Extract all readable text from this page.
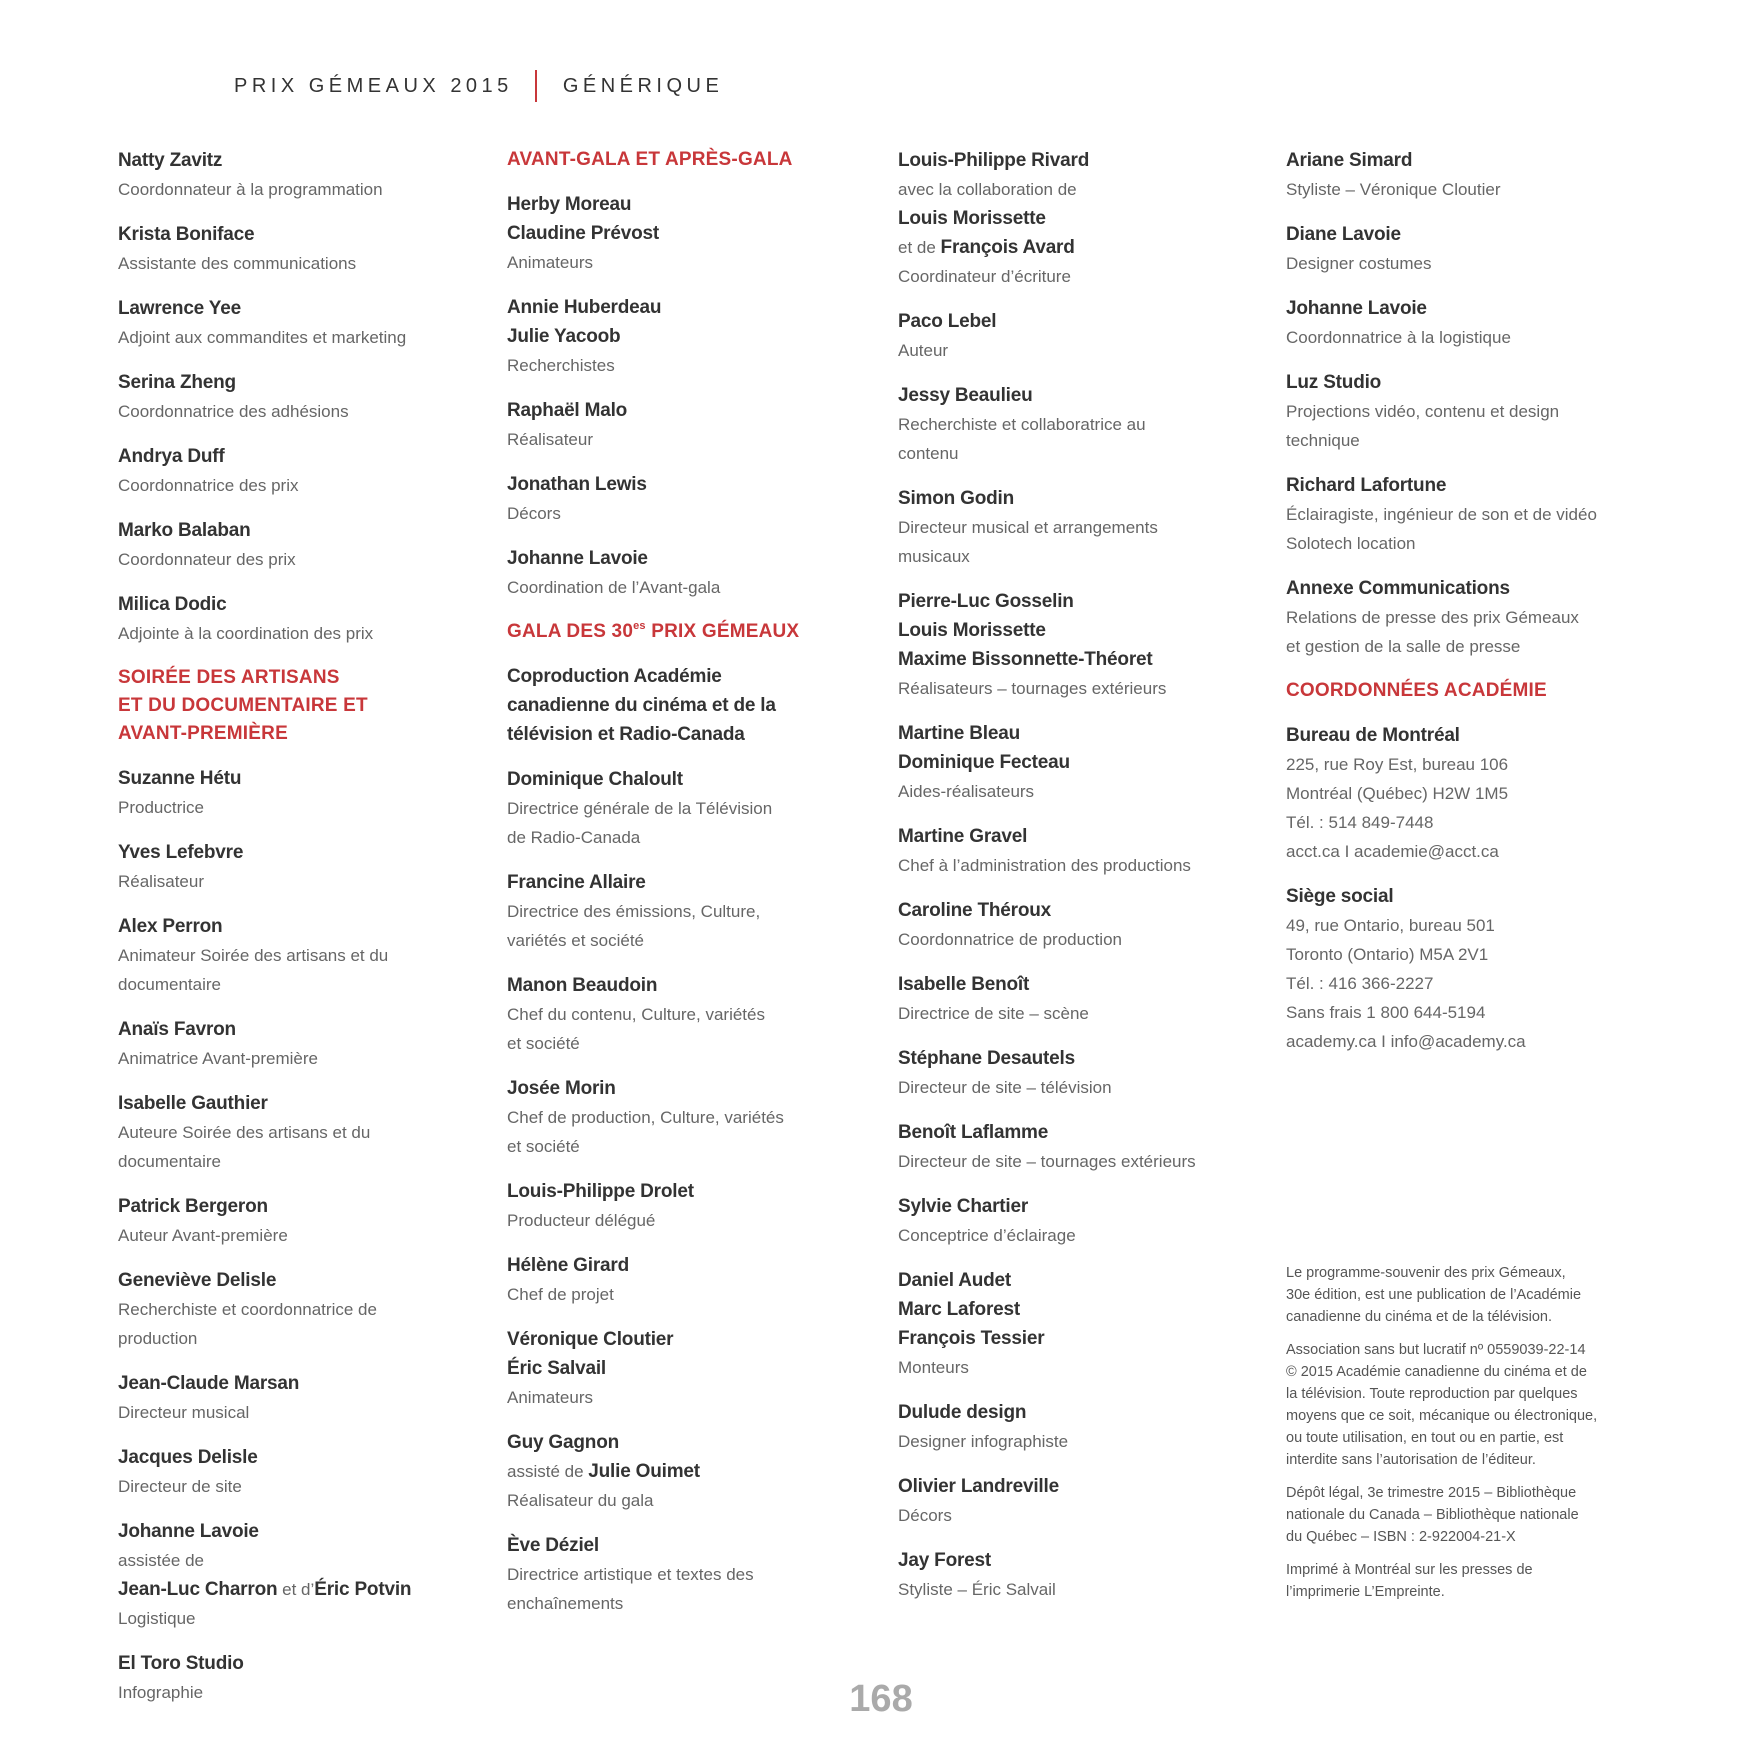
PRIX GÉMEAUX 2015	GÉNÉRIQUE
Natty Zavitz
Coordonnateur à la programmation
Krista Boniface
Assistante des communications
Lawrence Yee
Adjoint aux commandites et marketing
Serina Zheng
Coordonnatrice des adhésions
Andrya Duff
Coordonnatrice des prix
Marko Balaban
Coordonnateur des prix
Milica Dodic
Adjointe à la coordination des prix
SOIRÉE DES ARTISANS
ET DU DOCUMENTAIRE ET
AVANT-PREMIÈRE
Suzanne Hétu
Productrice
Yves Lefebvre
Réalisateur
Alex Perron
Animateur Soirée des artisans et du
documentaire
Anaïs Favron
Animatrice Avant-première
Isabelle Gauthier
Auteure Soirée des artisans et du
documentaire
Patrick Bergeron
Auteur Avant-première
Geneviève Delisle
Recherchiste et coordonnatrice de
production
Jean-Claude Marsan
Directeur musical
Jacques Delisle
Directeur de site
Johanne Lavoie
assistée de
Jean-Luc Charron et d’Éric Potvin
Logistique
El Toro Studio
Infographie
AVANT-GALA ET APRÈS-GALA
Herby Moreau
Claudine Prévost
Animateurs
Annie Huberdeau
Julie Yacoob
Recherchistes
Raphaël Malo
Réalisateur
Jonathan Lewis
Décors
Johanne Lavoie
Coordination de l’Avant-gala
GALA DES $30^{es}$ PRIX GÉMEAUX
Coproduction Académie
canadienne du cinéma et de la
télévision et Radio-Canada
Dominique Chaloult
Directrice générale de la Télévision
de Radio-Canada
Francine Allaire
Directrice des émissions, Culture,
variétés et société
Manon Beaudoin
Chef du contenu, Culture, variétés
et société
Josée Morin
Chef de production, Culture, variétés
et société
Louis-Philippe Drolet
Producteur délégué
Hélène Girard
Chef de projet
Véronique Cloutier
Éric Salvail
Animateurs
Guy Gagnon
assisté de Julie Ouimet
Réalisateur du gala
Ève Déziel
Directrice artistique et textes des
enchaînements
Louis-Philippe Rivard
avec la collaboration de
Louis Morissette
et de François Avard
Coordinateur d’écriture
Paco Lebel
Auteur
Jessy Beaulieu
Recherchiste et collaboratrice au
contenu
Simon Godin
Directeur musical et arrangements
musicaux
Pierre-Luc Gosselin
Louis Morissette
Maxime Bissonnette-Théoret
Réalisateurs – tournages extérieurs
Martine Bleau
Dominique Fecteau
Aides-réalisateurs
Martine Gravel
Chef à l’administration des productions
Caroline Théroux
Coordonnatrice de production
Isabelle Benoît
Directrice de site – scène
Stéphane Desautels
Directeur de site – télévision
Benoît Laflamme
Directeur de site – tournages extérieurs
Sylvie Chartier
Conceptrice d’éclairage
Daniel Audet
Marc Laforest
François Tessier
Monteurs
Dulude design
Designer infographiste
Olivier Landreville
Décors
Jay Forest
Styliste – Éric Salvail
Ariane Simard
Styliste – Véronique Cloutier
Diane Lavoie
Designer costumes
Johanne Lavoie
Coordonnatrice à la logistique
Luz Studio
Projections vidéo, contenu et design
technique
Richard Lafortune
Éclairagiste, ingénieur de son et de vidéo
Solotech location
Annexe Communications
Relations de presse des prix Gémeaux
et gestion de la salle de presse
COORDONNÉES ACADÉMIE
Bureau de Montréal
225, rue Roy Est, bureau 106
Montréal (Québec) H2W 1M5
Tél. : 514 849-7448
acct.ca I academie@acct.ca
Siège social
49, rue Ontario, bureau 501
Toronto (Ontario) M5A 2V1
Tél. : 416 366-2227
Sans frais 1 800 644-5194
academy.ca I info@academy.ca

Le programme-souvenir des prix Gémeaux,
30e édition, est une publication de l’Académie
canadienne du cinéma et de la télévision.

Association sans but lucratif nº 0559039-22-14
© 2015 Académie canadienne du cinéma et de
la télévision. Toute reproduction par quelques
moyens que ce soit, mécanique ou électronique,
ou toute utilisation, en tout ou en partie, est
interdite sans l’autorisation de l’éditeur.

Dépôt légal, 3e trimestre 2015 – Bibliothèque
nationale du Canada – Bibliothèque nationale
du Québec – ISBN : 2-922004-21-X

Imprimé à Montréal sur les presses de
l’imprimerie L’Empreinte.

168
